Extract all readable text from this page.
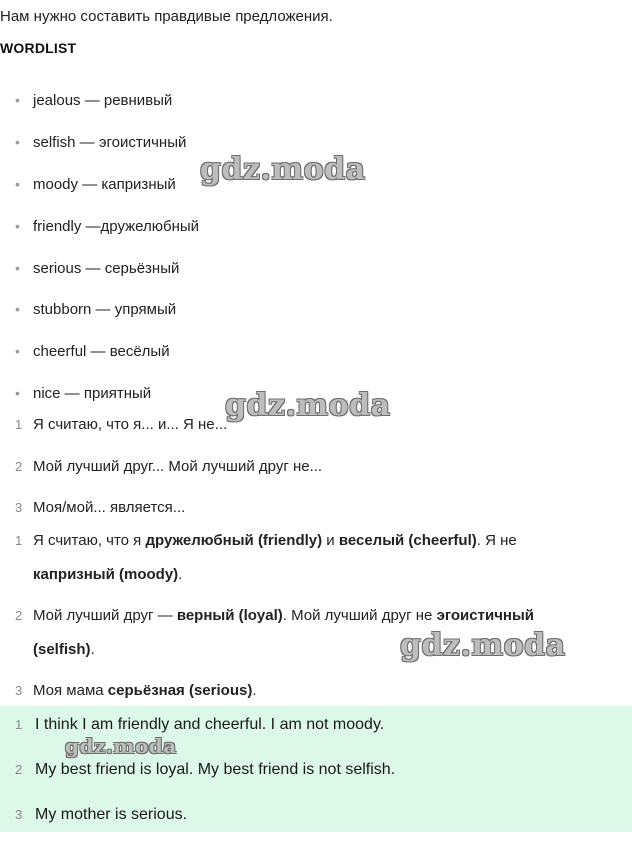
Нам нужно составить правдивые предложения.
WORDLIST
• jealous — ревнивый
• selfish — эгоистичный
• moody — капризный
• friendly —дружелюбный
• serious — серьёзный
• stubborn — упрямый
• cheerful — весёлый
• nice — приятный
1 Я считаю, что я... и... Я не...
2 Мой лучший друг... Мой лучший друг не...
3 Моя/мой... является...
1 Я считаю, что я дружелюбный (friendly) и веселый (cheerful). Я не
капризный (moody).
2 Мой лучший друг — верный (loyal). Мой лучший друг не эгоистичный
(selfish).
3 Моя мама серьёзная (serious).
1 I think I am friendly and cheerful. I am not moody.
2 My best friend is loyal. My best friend is not selfish.
3 My mother is serious.
gdz.moda
gdz.moda
gdz.moda
gdz.moda
